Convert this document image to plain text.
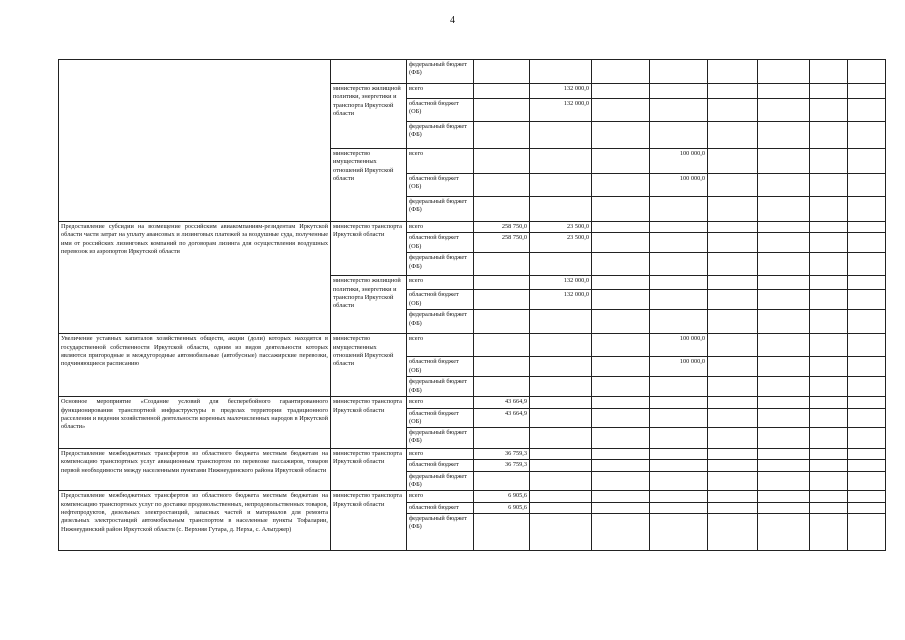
4
		федеральный бюджет (ФБ)								
	министерство жилищной политики, энергетики и транспорта Иркутской области	всего		132 000,0						
		областной бюджет (ОБ)		132 000,0						
		федеральный бюджет (ФБ)								
	министерство имущественных отношений Иркутской области	всего				100 000,0				
		областной бюджет (ОБ)				100 000,0				
		федеральный бюджет (ФБ)								
Предоставление субсидии на возмещение российским авиакомпаниям-резидентам Иркутской области части затрат на уплату авансовых и лизинговых платежей за воздушные суда, полученные ими от российских лизинговых компаний по договорам лизинга для осуществления воздушных перевозок из аэропортов Иркутской области	министерство транспорта Иркутской области	всего	258 750,0	23 500,0						
		областной бюджет (ОБ)	258 750,0	23 500,0						
		федеральный бюджет (ФБ)								
	министерство жилищной политики, энергетики и транспорта Иркутской области	всего		132 000,0						
		областной бюджет (ОБ)		132 000,0						
		федеральный бюджет (ФБ)								
Увеличение уставных капиталов хозяйственных обществ, акции (доли) которых находятся в государственной собственности Иркутской области, одним из видов деятельности которых являются пригородные и междугородные автомобильные (автобусные) пассажирские перевозки, подчиняющиеся расписанию	министерство имущественных отношений Иркутской области	всего				100 000,0				
		областной бюджет (ОБ)				100 000,0				
		федеральный бюджет (ФБ)								
Основное мероприятие «Создание условий для бесперебойного гарантированного функционирования транспортной инфраструктуры в пределах территории традиционного расселения и ведения хозяйственной деятельности коренных малочисленных народов в Иркутской области»	министерство транспорта Иркутской области	всего	43 664,9							
		областной бюджет (ОБ)	43 664,9							
		федеральный бюджет (ФБ)								
Предоставление межбюджетных трансфертов из областного бюджета местным бюджетам на компенсацию транспортных услуг авиационным транспортом по перевозке пассажиров, товаров первой необходимости между населенными пунктами Нижнеудинского района Иркутской области	министерство транспорта Иркутской области	всего	36 759,3							
		областной бюджет	36 759,3							
		федеральный бюджет (ФБ)								
Предоставление межбюджетных трансфертов из областного бюджета местным бюджетам на компенсацию транспортных услуг по доставке продовольственных, непродовольственных товаров, нефтепродуктов, дизельных электростанций, запасных частей и материалов для ремонта дизельных электростанций автомобильным транспортом в населенные пункты Тофаларии, Нижнеудинский район Иркутской области (с. Верхняя Гутара, д. Нерха, с. Алыгджер)	министерство транспорта Иркутской области	всего	6 905,6							
		областной бюджет	6 905,6							
		федеральный бюджет (ФБ)								
